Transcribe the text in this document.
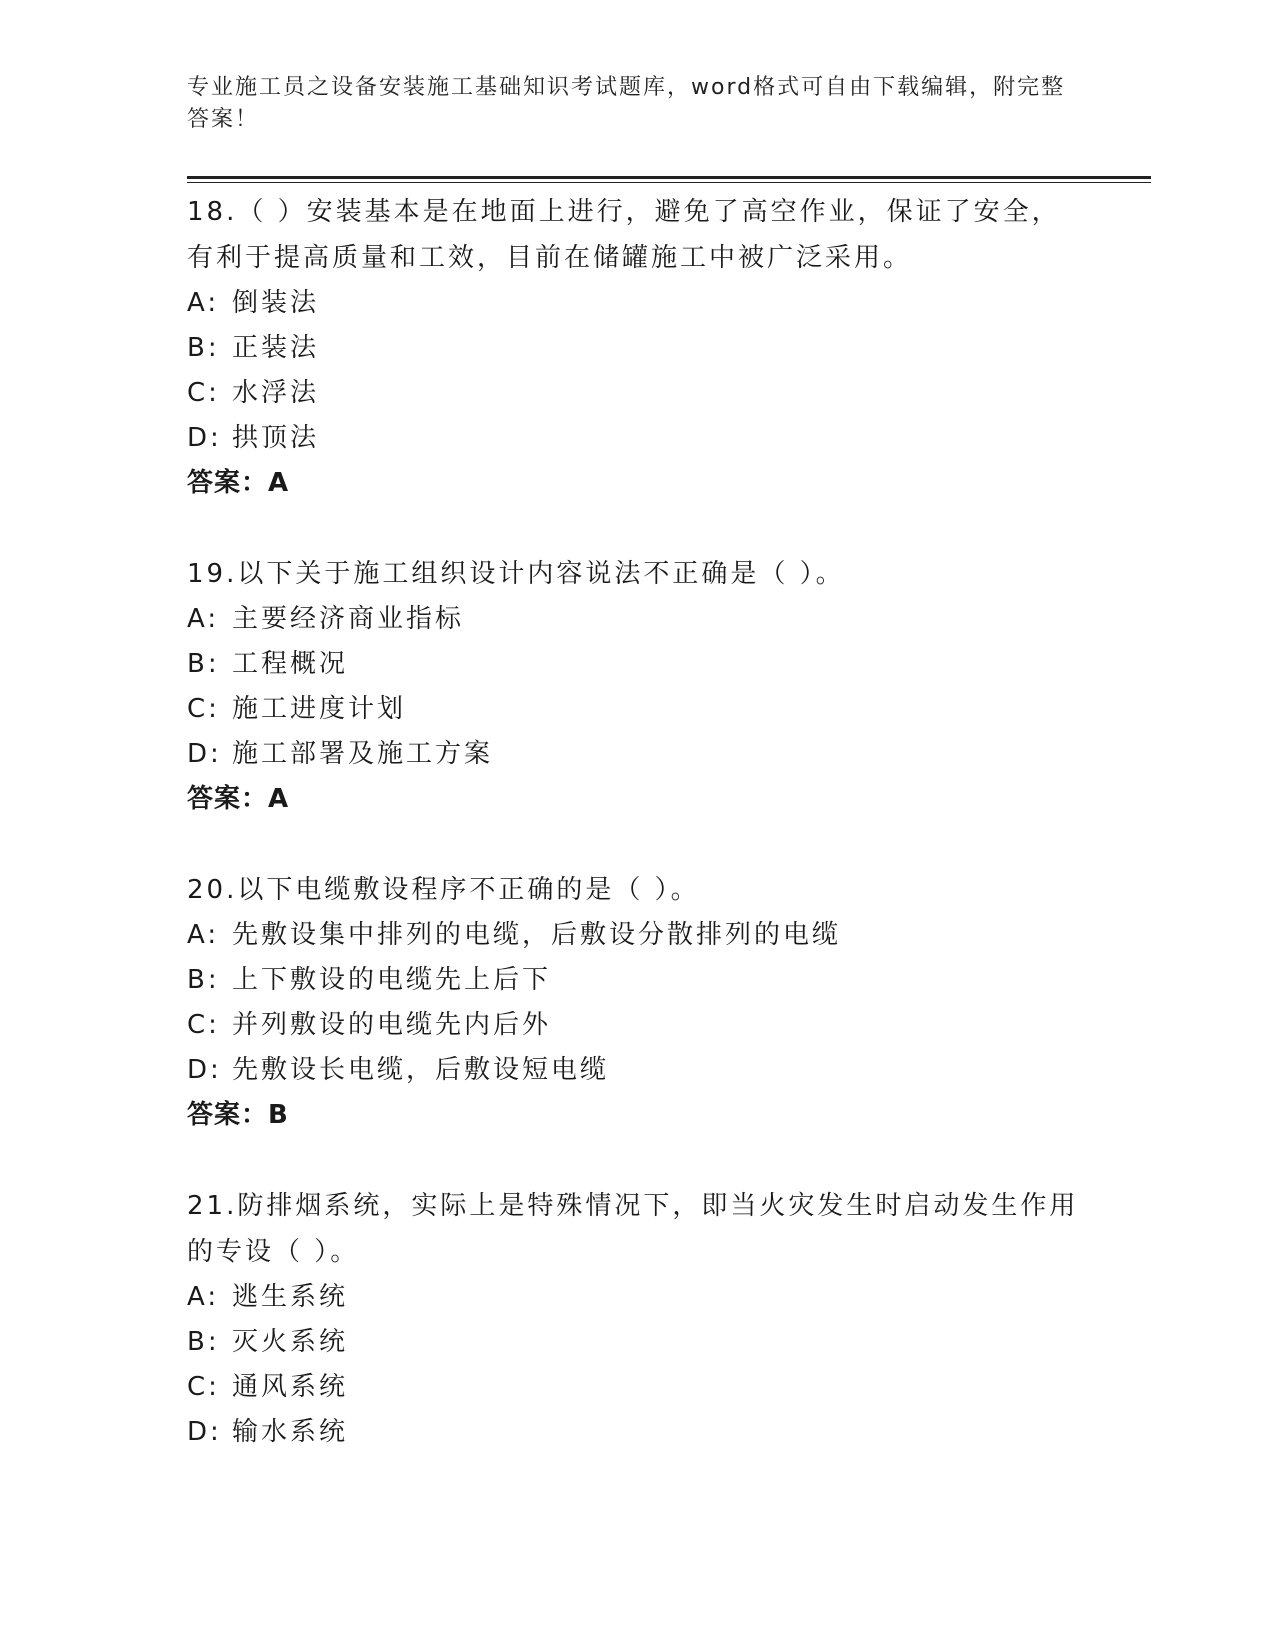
专业施工员之设备安装施工基础知识考试题库，word格式可自由下载编辑，附完整答案！

18.（ ）安装基本是在地面上进行，避免了高空作业，保证了安全，有利于提高质量和工效，目前在储罐施工中被广泛采用。

A: 倒装法

B: 正装法

C: 水浮法

D: 拱顶法

答案：A

19.以下关于施工组织设计内容说法不正确是（ ）。

A: 主要经济商业指标

B: 工程概况

C: 施工进度计划

D: 施工部署及施工方案

答案：A

20.以下电缆敷设程序不正确的是（ ）。

A: 先敷设集中排列的电缆，后敷设分散排列的电缆

B: 上下敷设的电缆先上后下

C: 并列敷设的电缆先内后外

D: 先敷设长电缆，后敷设短电缆

答案：B

21.防排烟系统，实际上是特殊情况下，即当火灾发生时启动发生作用的专设（ ）。

A: 逃生系统

B: 灭火系统

C: 通风系统

D: 输水系统
